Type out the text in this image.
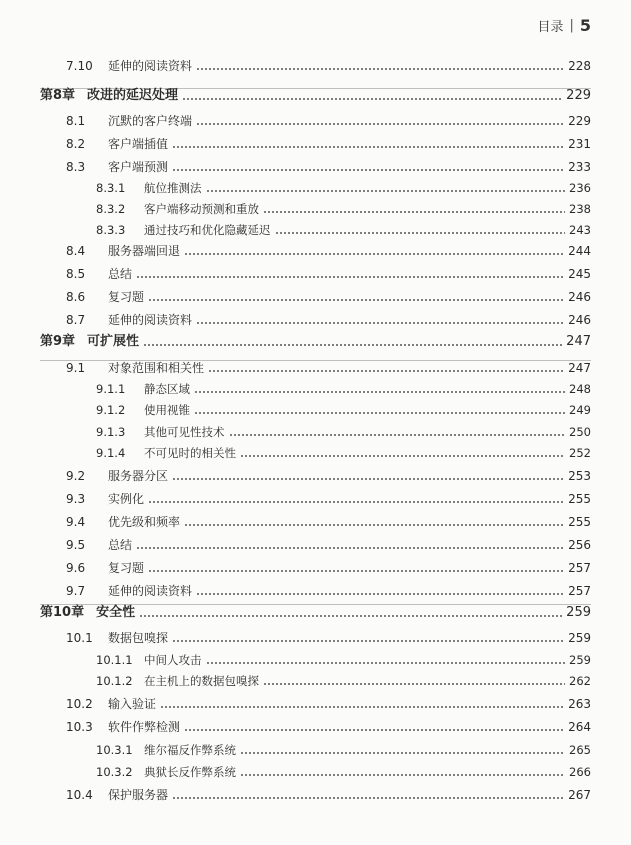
目录 | 5
7.10	延伸的阅读资料	228
第8章 改进的延迟处理	229
8.1	沉默的客户终端	229
8.2	客户端插值	231
8.3	客户端预测	233
8.3.1	航位推测法	236
8.3.2	客户端移动预测和重放	238
8.3.3	通过技巧和优化隐藏延迟	243
8.4	服务器端回退	244
8.5	总结	245
8.6	复习题	246
8.7	延伸的阅读资料	246
第9章 可扩展性	247
9.1	对象范围和相关性	247
9.1.1	静态区域	248
9.1.2	使用视锥	249
9.1.3	其他可见性技术	250
9.1.4	不可见时的相关性	252
9.2	服务器分区	253
9.3	实例化	255
9.4	优先级和频率	255
9.5	总结	256
9.6	复习题	257
9.7	延伸的阅读资料	257
第10章 安全性	259
10.1	数据包嗅探	259
10.1.1 中间人攻击	259
10.1.2 在主机上的数据包嗅探	262
10.2	输入验证	263
10.3	软件作弊检测	264
10.3.1 维尔福反作弊系统	265
10.3.2 典狱长反作弊系统	266
10.4	保护服务器	267
